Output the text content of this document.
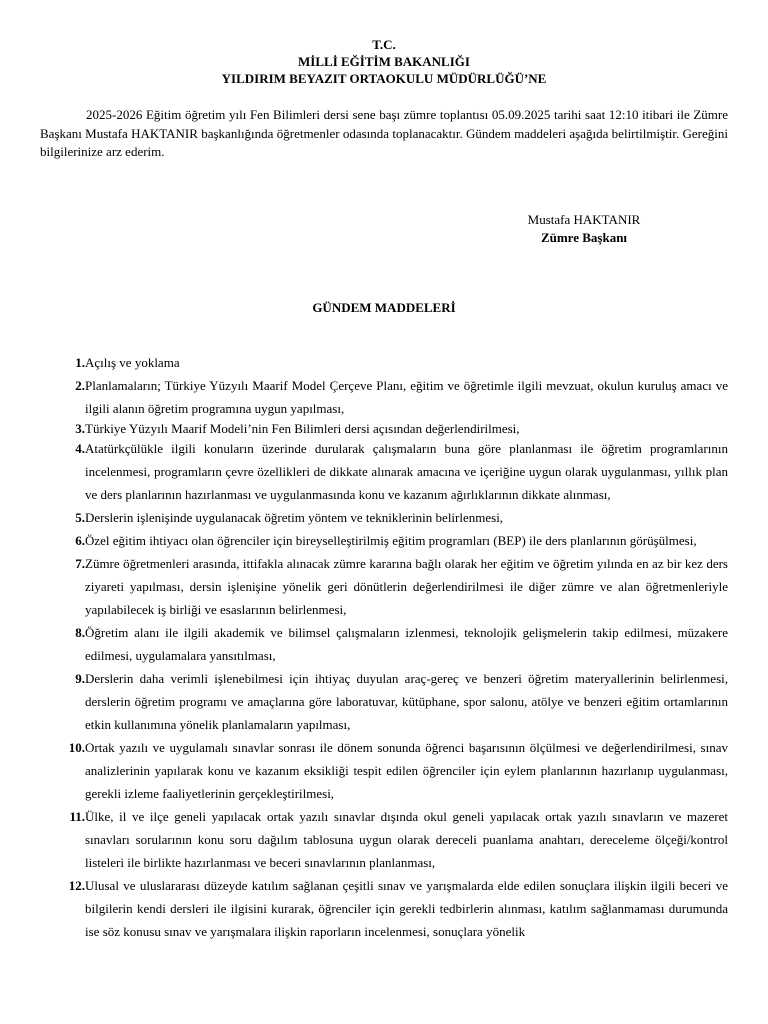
T.C.
MİLLİ EĞİTİM BAKANLIĞI
YILDIRIM BEYAZIT ORTAOKULU MÜDÜRLÜĞÜ’NE
2025-2026 Eğitim öğretim yılı Fen Bilimleri dersi sene başı zümre toplantısı 05.09.2025 tarihi saat 12:10 itibari ile Zümre Başkanı Mustafa HAKTANIR başkanlığında öğretmenler odasında toplanacaktır. Gündem maddeleri aşağıda belirtilmiştir. Gereğini bilgilerinize arz ederim.
Mustafa HAKTANIR
Zümre Başkanı
GÜNDEM MADDELERİ
1. Açılış ve yoklama
2. Planlamaların; Türkiye Yüzyılı Maarif Model Çerçeve Planı, eğitim ve öğretimle ilgili mevzuat, okulun kuruluş amacı ve ilgili alanın öğretim programına uygun yapılması,
3. Türkiye Yüzyılı Maarif Modeli’nin Fen Bilimleri dersi açısından değerlendirilmesi,
4. Atatürkçülükle ilgili konuların üzerinde durularak çalışmaların buna göre planlanması ile öğretim programlarının incelenmesi, programların çevre özellikleri de dikkate alınarak amacına ve içeriğine uygun olarak uygulanması, yıllık plan ve ders planlarının hazırlanması ve uygulanmasında konu ve kazanım ağırlıklarının dikkate alınması,
5. Derslerin işlenişinde uygulanacak öğretim yöntem ve tekniklerinin belirlenmesi,
6. Özel eğitim ihtiyacı olan öğrenciler için bireyselleştirilmiş eğitim programları (BEP) ile ders planlarının görüşülmesi,
7. Zümre öğretmenleri arasında, ittifakla alınacak zümre kararına bağlı olarak her eğitim ve öğretim yılında en az bir kez ders ziyareti yapılması, dersin işlenişine yönelik geri dönütlerin değerlendirilmesi ile diğer zümre ve alan öğretmenleriyle yapılabilecek iş birliği ve esaslarının belirlenmesi,
8. Öğretim alanı ile ilgili akademik ve bilimsel çalışmaların izlenmesi, teknolojik gelişmelerin takip edilmesi, müzakere edilmesi, uygulamalara yansıtılması,
9. Derslerin daha verimli işlenebilmesi için ihtiyaç duyulan araç-gereç ve benzeri öğretim materyallerinin belirlenmesi, derslerin öğretim programı ve amaçlarına göre laboratuvar, kütüphane, spor salonu, atölye ve benzeri eğitim ortamlarının etkin kullanımına yönelik planlamaların yapılması,
10. Ortak yazılı ve uygulamalı sınavlar sonrası ile dönem sonunda öğrenci başarısının ölçülmesi ve değerlendirilmesi, sınav analizlerinin yapılarak konu ve kazanım eksikliği tespit edilen öğrenciler için eylem planlarının hazırlanıp uygulanması, gerekli izleme faaliyetlerinin gerçekleştirilmesi,
11. Ülke, il ve ilçe geneli yapılacak ortak yazılı sınavlar dışında okul geneli yapılacak ortak yazılı sınavların ve mazeret sınavları sorularının konu soru dağılım tablosuna uygun olarak dereceli puanlama anahtarı, dereceleme ölçeği/kontrol listeleri ile birlikte hazırlanması ve beceri sınavlarının planlanması,
12. Ulusal ve uluslararası düzeyde katılım sağlanan çeşitli sınav ve yarışmalarda elde edilen sonuçlara ilişkin ilgili beceri ve bilgilerin kendi dersleri ile ilgisini kurarak, öğrenciler için gerekli tedbirlerin alınması, katılım sağlanmaması durumunda ise söz konusu sınav ve yarışmalara ilişkin raporların incelenmesi, sonuçlara yönelik
